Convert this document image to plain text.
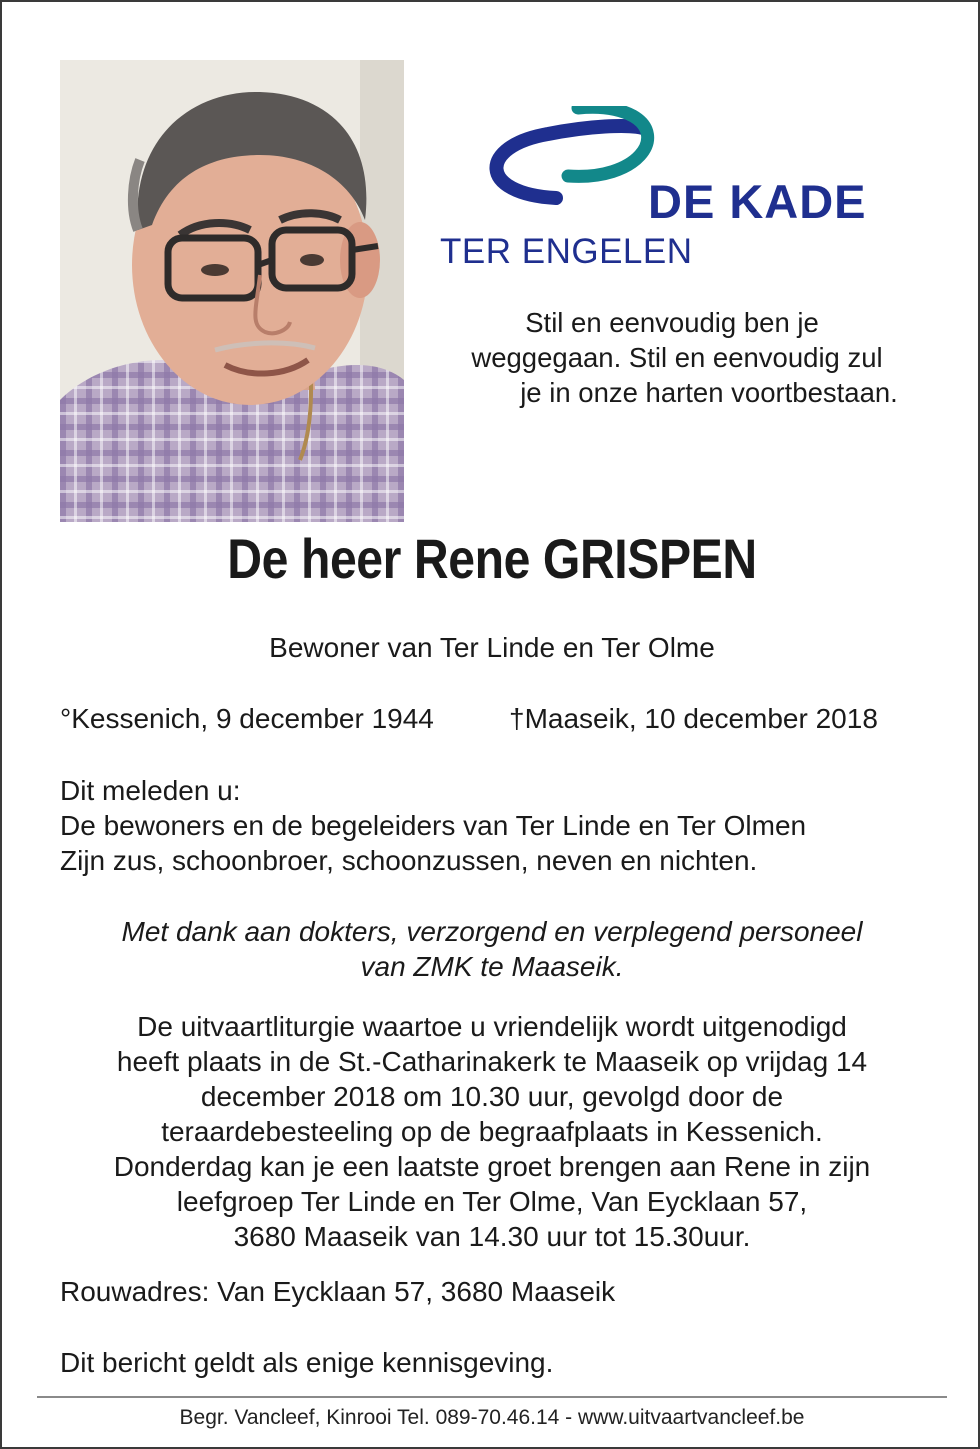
DE KADE
TER ENGELEN
Stil en eenvoudig ben je
weggegaan. Stil en eenvoudig zul
je in onze harten voortbestaan.
De heer Rene GRISPEN
Bewoner van Ter Linde en Ter Olme
°Kessenich, 9 december 1944	†Maaseik, 10 december 2018
Dit meleden u:
De bewoners en de begeleiders van Ter Linde en Ter Olmen
Zijn zus, schoonbroer, schoonzussen, neven en nichten.
Met dank aan dokters, verzorgend en verplegend personeel
van ZMK te Maaseik.
De uitvaartliturgie waartoe u vriendelijk wordt uitgenodigd
heeft plaats in de St.-Catharinakerk te Maaseik op vrijdag 14
december 2018 om 10.30 uur, gevolgd door de
teraardebesteeling op de begraafplaats in Kessenich.
Donderdag kan je een laatste groet brengen aan Rene in zijn
leefgroep Ter Linde en Ter Olme, Van Eycklaan 57,
3680 Maaseik van 14.30 uur tot 15.30uur.
Rouwadres: Van Eycklaan 57, 3680 Maaseik
Dit bericht geldt als enige kennisgeving.
Begr. Vancleef, Kinrooi Tel. 089-70.46.14 - www.uitvaartvancleef.be
